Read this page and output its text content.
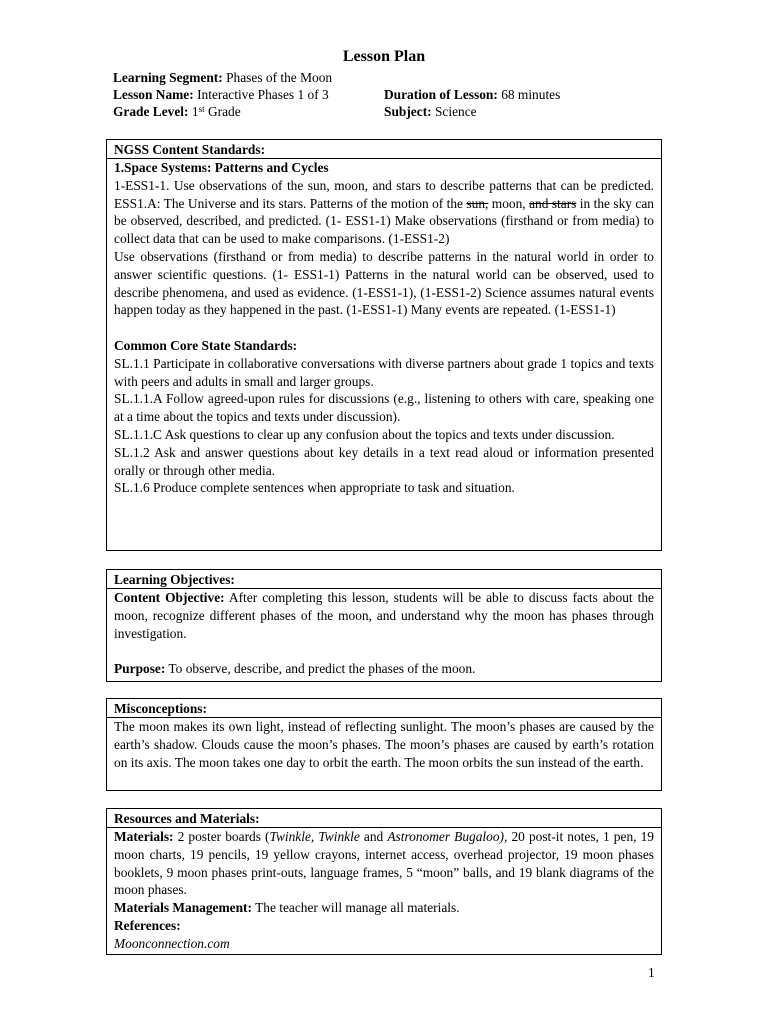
Lesson Plan
Learning Segment: Phases of the Moon
Lesson Name: Interactive Phases 1 of 3	Duration of Lesson: 68 minutes
Grade Level: 1st Grade	Subject: Science
NGSS Content Standards:

1.Space Systems: Patterns and Cycles

1-ESS1-1. Use observations of the sun, moon, and stars to describe patterns that can be predicted. ESS1.A: The Universe and its stars. Patterns of the motion of the sun, moon, and stars in the sky can be observed, described, and predicted. (1- ESS1-1) Make observations (firsthand or from media) to collect data that can be used to make comparisons. (1-ESS1-2)

Use observations (firsthand or from media) to describe patterns in the natural world in order to answer scientific questions. (1- ESS1-1) Patterns in the natural world can be observed, used to describe phenomena, and used as evidence. (1-ESS1-1), (1-ESS1-2) Science assumes natural events happen today as they happened in the past. (1-ESS1-1) Many events are repeated. (1-ESS1-1)

Common Core State Standards:

SL.1.1 Participate in collaborative conversations with diverse partners about grade 1 topics and texts with peers and adults in small and larger groups.

SL.1.1.A Follow agreed-upon rules for discussions (e.g., listening to others with care, speaking one at a time about the topics and texts under discussion).

SL.1.1.C Ask questions to clear up any confusion about the topics and texts under discussion.

SL.1.2 Ask and answer questions about key details in a text read aloud or information presented orally or through other media.

SL.1.6 Produce complete sentences when appropriate to task and situation.

Learning Objectives:

Content Objective: After completing this lesson, students will be able to discuss facts about the moon, recognize different phases of the moon, and understand why the moon has phases through investigation.

Purpose: To observe, describe, and predict the phases of the moon.

Misconceptions:

The moon makes its own light, instead of reflecting sunlight. The moon’s phases are caused by the earth’s shadow. Clouds cause the moon’s phases. The moon’s phases are caused by earth’s rotation on its axis. The moon takes one day to orbit the earth. The moon orbits the sun instead of the earth.

Resources and Materials:

Materials: 2 poster boards (Twinkle, Twinkle and Astronomer Bugaloo), 20 post-it notes, 1 pen, 19 moon charts, 19 pencils, 19 yellow crayons, internet access, overhead projector, 19 moon phases booklets, 9 moon phases print-outs, language frames, 5 “moon” balls, and 19 blank diagrams of the moon phases.

Materials Management: The teacher will manage all materials.

References:

Moonconnection.com

1
